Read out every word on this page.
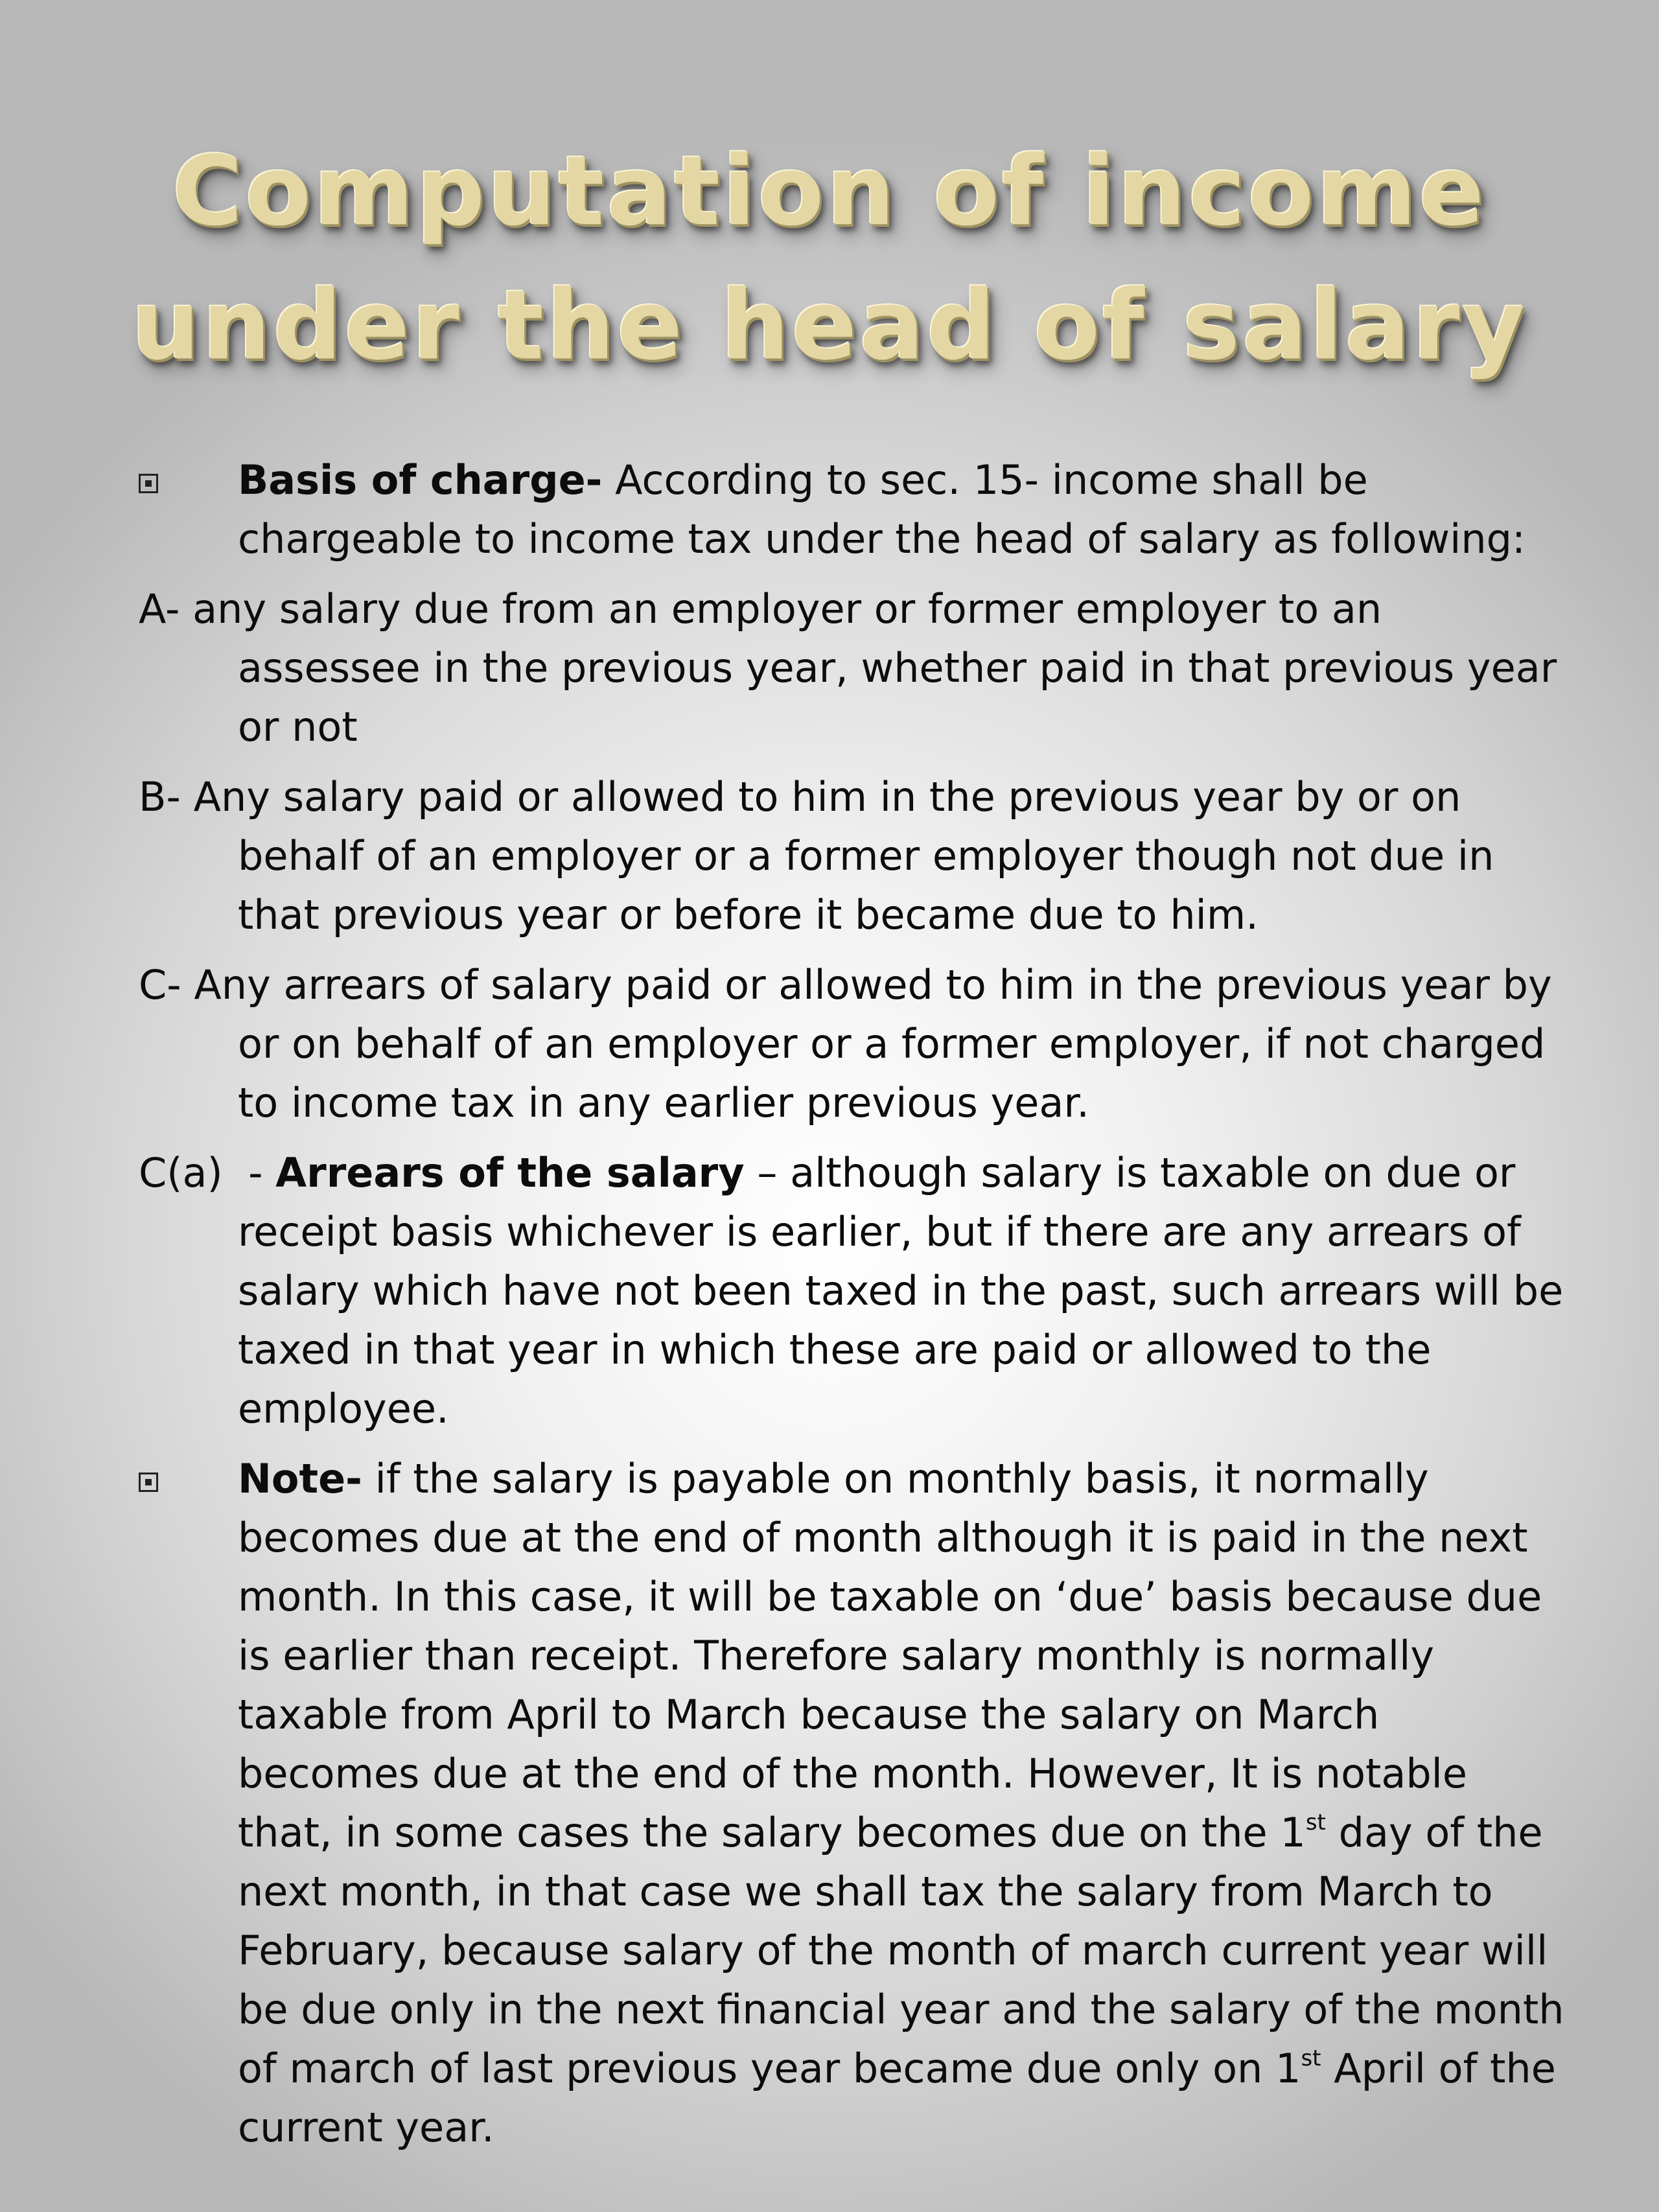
Computation of income
under the head of salary
Basis of charge- According to sec. 15- income shall be chargeable to income tax under the head of salary as following:
A- any salary due from an employer or former employer to an assessee in the previous year, whether paid in that previous year or not
B- Any salary paid or allowed to him in the previous year by or on behalf of an employer or a former employer though not due in that previous year or before it became due to him.
C- Any arrears of salary paid or allowed to him in the previous year by or on behalf of an employer or a former employer, if not charged to income tax in any earlier previous year.
C(a)  - Arrears of the salary – although salary is taxable on due or receipt basis whichever is earlier, but if there are any arrears of salary which have not been taxed in the past, such arrears will be taxed in that year in which these are paid or allowed to the employee.
Note- if the salary is payable on monthly basis, it normally becomes due at the end of month although it is paid in the next month. In this case, it will be taxable on ‘due’ basis because due is earlier than receipt. Therefore salary monthly is normally taxable from April to March because the salary on March becomes due at the end of the month. However, It is notable that, in some cases the salary becomes due on the 1st day of the next month, in that case we shall tax the salary from March to February, because salary of the month of march current year will be due only in the next financial year and the salary of the month of march of last previous year became due only on 1st April of the current year.
